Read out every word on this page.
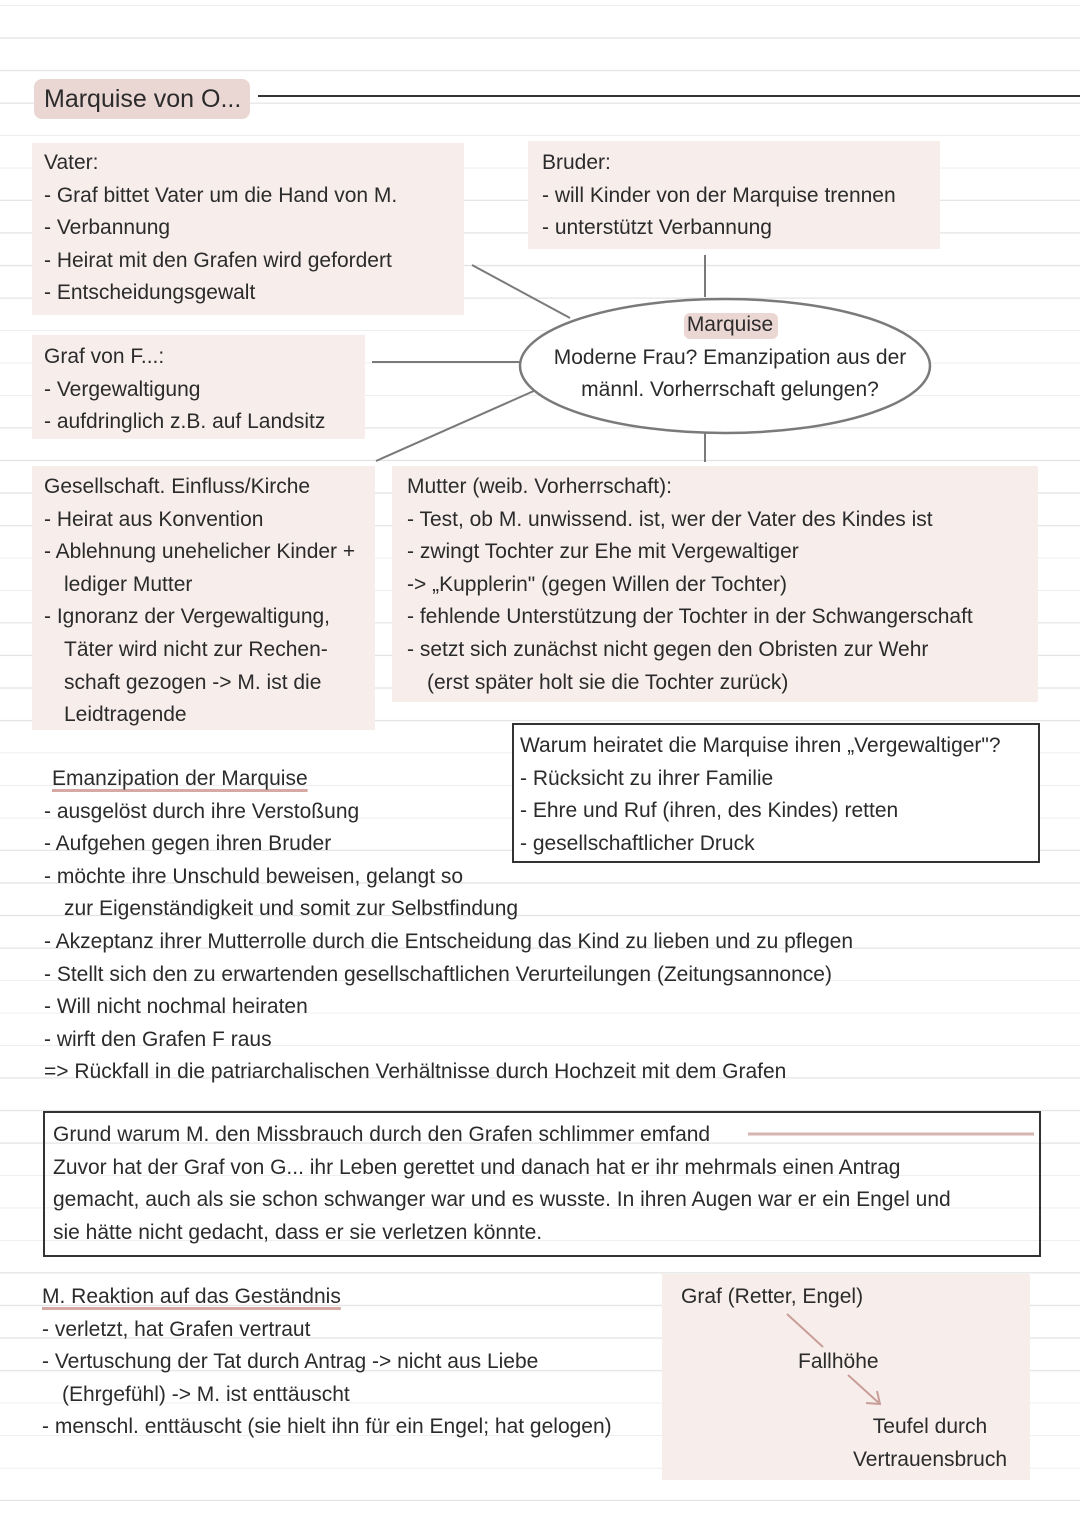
Marquise von O...
Vater:
- Graf bittet Vater um die Hand von M.
- Verbannung
- Heirat mit den Grafen wird gefordert
- Entscheidungsgewalt
Bruder:
- will Kinder von der Marquise trennen
- unterstützt Verbannung
Graf von F...:
- Vergewaltigung
- aufdringlich z.B. auf Landsitz
Marquise
Moderne Frau? Emanzipation aus der
männl. Vorherrschaft gelungen?
Gesellschaft. Einfluss/Kirche
- Heirat aus Konvention
- Ablehnung unehelicher Kinder +
lediger Mutter
- Ignoranz der Vergewaltigung,
Täter wird nicht zur Rechen-
schaft gezogen -> M. ist die
Leidtragende
Mutter (weib. Vorherrschaft):
- Test, ob M. unwissend. ist, wer der Vater des Kindes ist
- zwingt Tochter zur Ehe mit Vergewaltiger
-> „Kupplerin" (gegen Willen der Tochter)
- fehlende Unterstützung der Tochter in der Schwangerschaft
- setzt sich zunächst nicht gegen den Obristen zur Wehr
(erst später holt sie die Tochter zurück)
Warum heiratet die Marquise ihren „Vergewaltiger"?
- Rücksicht zu ihrer Familie
- Ehre und Ruf (ihren, des Kindes) retten
- gesellschaftlicher Druck
Emanzipation der Marquise
- ausgelöst durch ihre Verstoßung
- Aufgehen gegen ihren Bruder
- möchte ihre Unschuld beweisen, gelangt so
zur Eigenständigkeit und somit zur Selbstfindung
- Akzeptanz ihrer Mutterrolle durch die Entscheidung das Kind zu lieben und zu pflegen
- Stellt sich den zu erwartenden gesellschaftlichen Verurteilungen (Zeitungsannonce)
- Will nicht nochmal heiraten
- wirft den Grafen F raus
=> Rückfall in die patriarchalischen Verhältnisse durch Hochzeit mit dem Grafen
Grund warum M. den Missbrauch durch den Grafen schlimmer emfand
Zuvor hat der Graf von G... ihr Leben gerettet und danach hat er ihr mehrmals einen Antrag
gemacht, auch als sie schon schwanger war und es wusste. In ihren Augen war er ein Engel und
sie hätte nicht gedacht, dass er sie verletzen könnte.
M. Reaktion auf das Geständnis
- verletzt, hat Grafen vertraut
- Vertuschung der Tat durch Antrag -> nicht aus Liebe
(Ehrgefühl) -> M. ist enttäuscht
- menschl. enttäuscht (sie hielt ihn für ein Engel; hat gelogen)
Graf (Retter, Engel)
Fallhöhe
Teufel durch
Vertrauensbruch
